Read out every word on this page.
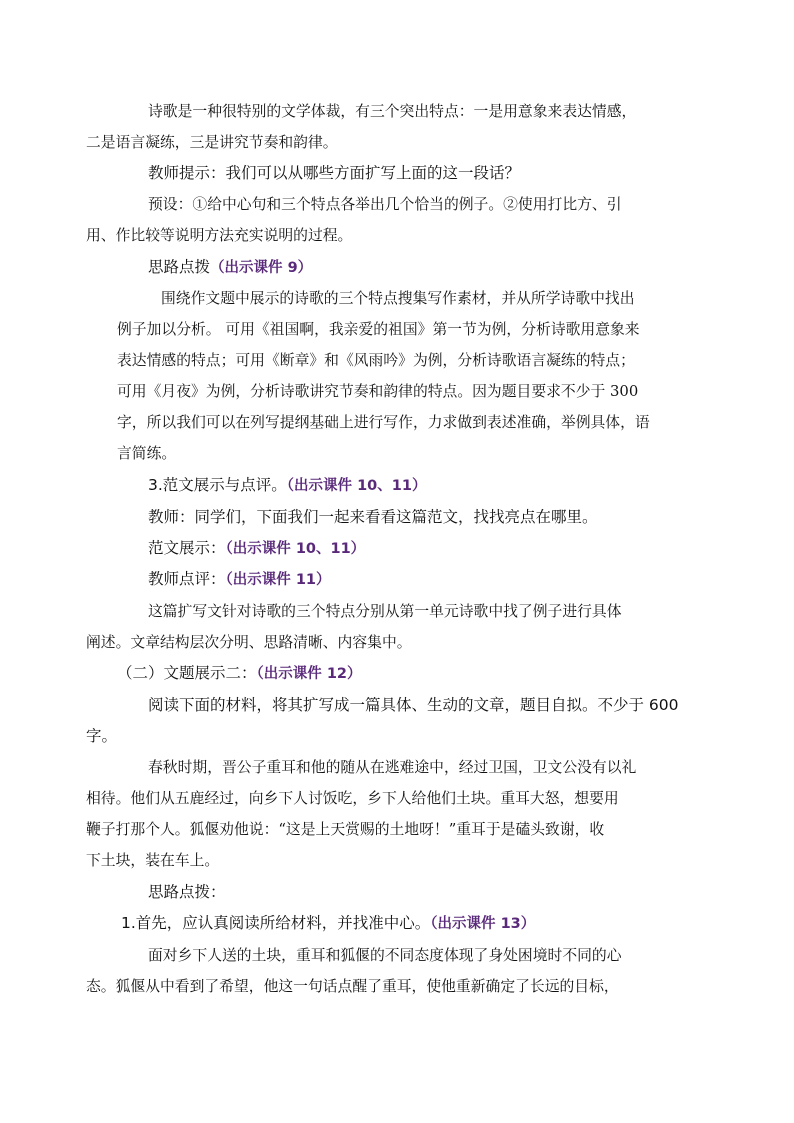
诗歌是一种很特别的文学体裁，有三个突出特点：一是用意象来表达情感，
二是语言凝练，三是讲究节奏和韵律。
教师提示：我们可以从哪些方面扩写上面的这一段话？
预设：①给中心句和三个特点各举出几个恰当的例子。②使用打比方、引
用、作比较等说明方法充实说明的过程。
思路点拨（出示课件 9）
围绕作文题中展示的诗歌的三个特点搜集写作素材，并从所学诗歌中找出
例子加以分析。 可用《祖国啊，我亲爱的祖国》第一节为例，分析诗歌用意象来
表达情感的特点；可用《断章》和《风雨吟》为例，分析诗歌语言凝练的特点；
可用《月夜》为例，分析诗歌讲究节奏和韵律的特点。因为题目要求不少于 300
字，所以我们可以在列写提纲基础上进行写作，力求做到表述准确，举例具体，语
言简练。
3.范文展示与点评。（出示课件 10、11）
教师：同学们，下面我们一起来看看这篇范文，找找亮点在哪里。
范文展示：（出示课件 10、11）
教师点评：（出示课件 11）
这篇扩写文针对诗歌的三个特点分别从第一单元诗歌中找了例子进行具体
阐述。文章结构层次分明、思路清晰、内容集中。
（二）文题展示二：（出示课件 12）
阅读下面的材料，将其扩写成一篇具体、生动的文章，题目自拟。不少于 600
字。
春秋时期，晋公子重耳和他的随从在逃难途中，经过卫国，卫文公没有以礼
相待。他们从五鹿经过，向乡下人讨饭吃，乡下人给他们土块。重耳大怒，想要用
鞭子打那个人。狐偃劝他说：“这是上天赏赐的土地呀！”重耳于是磕头致谢，收
下土块，装在车上。
思路点拨：
1.首先，应认真阅读所给材料，并找准中心。（出示课件 13）
面对乡下人送的土块，重耳和狐偃的不同态度体现了身处困境时不同的心
态。狐偃从中看到了希望，他这一句话点醒了重耳，使他重新确定了长远的目标，
